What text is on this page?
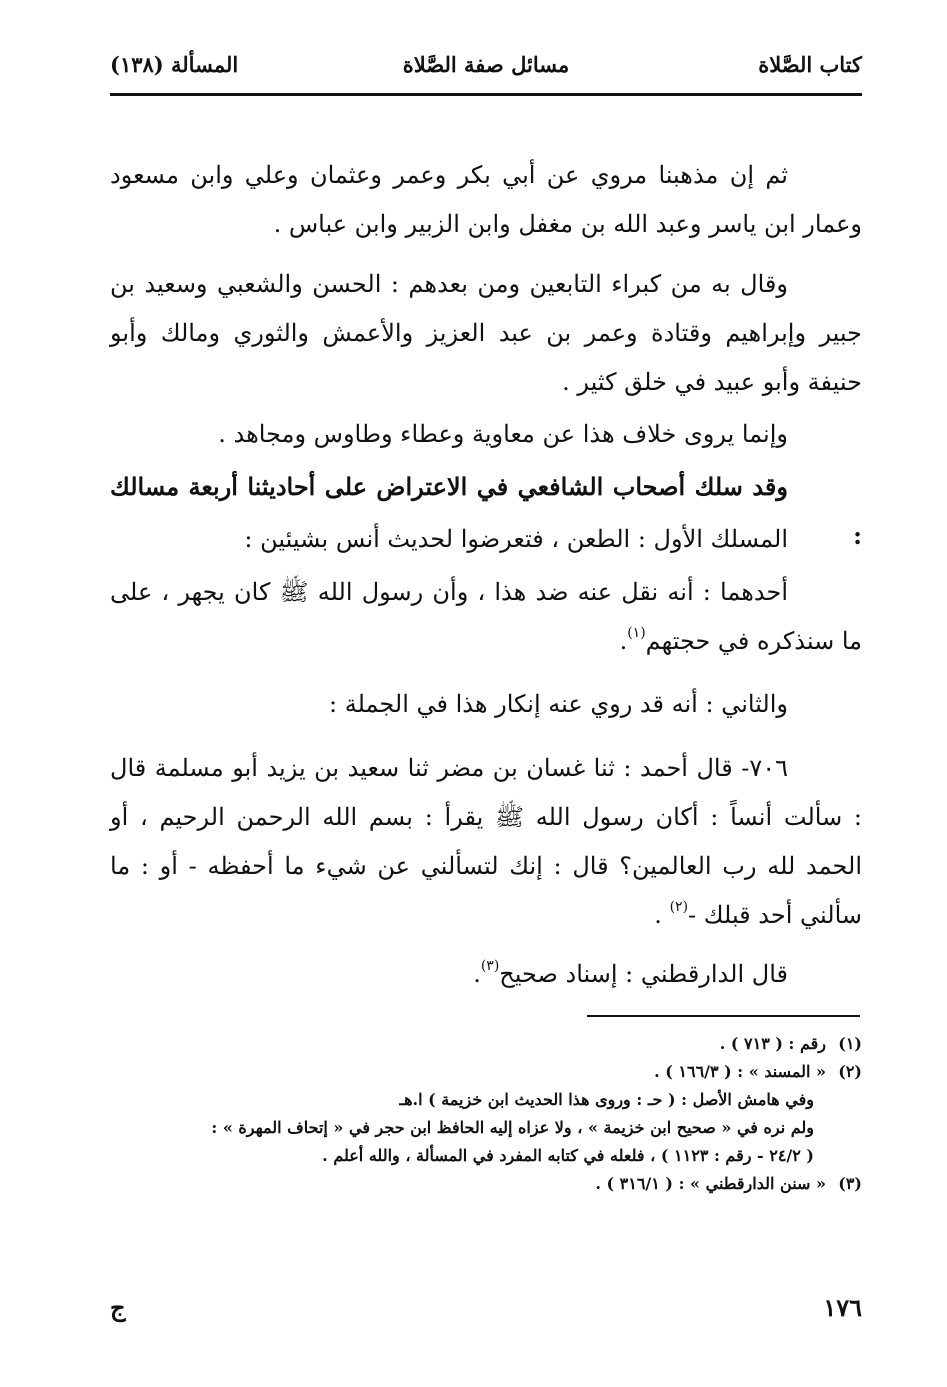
كتاب الصَّلاة
مسائل صفة الصَّلاة
المسألة (١٣٨)
ثم إن مذهبنا مروي عن أبي بكر وعمر وعثمان وعلي وابن مسعود وعمار ابن ياسر وعبد الله بن مغفل وابن الزبير وابن عباس .
وقال به من كبراء التابعين ومن بعدهم : الحسن والشعبي وسعيد بن جبير وإبراهيم وقتادة وعمر بن عبد العزيز والأعمش والثوري ومالك وأبو حنيفة وأبو عبيد في خلق كثير .
وإنما يروى خلاف هذا عن معاوية وعطاء وطاوس ومجاهد .
وقد سلك أصحاب الشافعي في الاعتراض على أحاديثنا أربعة مسالك :
المسلك الأول : الطعن ، فتعرضوا لحديث أنس بشيئين :
أحدهما : أنه نقل عنه ضد هذا ، وأن رسول الله ﷺ كان يجهر ، على ما سنذكره في حجتهم$^{(١)}$.
والثاني : أنه قد روي عنه إنكار هذا في الجملة :
٧٠٦- قال أحمد : ثنا غسان بن مضر ثنا سعيد بن يزيد أبو مسلمة قال : سألت أنساً : أكان رسول الله ﷺ يقرأ : بسم الله الرحمن الرحيم ، أو الحمد لله رب العالمين؟ قال : إنك لتسألني عن شيء ما أحفظه - أو : ما سألني أحد قبلك -$^{(٢)}$ .
قال الدارقطني : إسناد صحيح$^{(٣)}$.
(١)رقم : ( ٧١٣ ) .
(٢)« المسند » : ( ١٦٦/٣ ) .
وفي هامش الأصل : ( حـ : وروى هذا الحديث ابن خزيمة ) ا.هـ
ولم نره في « صحيح ابن خزيمة » ، ولا عزاه إليه الحافظ ابن حجر في « إتحاف المهرة » :
( ٢٤/٢ - رقم : ١١٢٣ ) ، فلعله في كتابه المفرد في المسألة ، والله أعلم .
(٣)« سنن الدارقطني » : ( ٣١٦/١ ) .
١٧٦
ج
